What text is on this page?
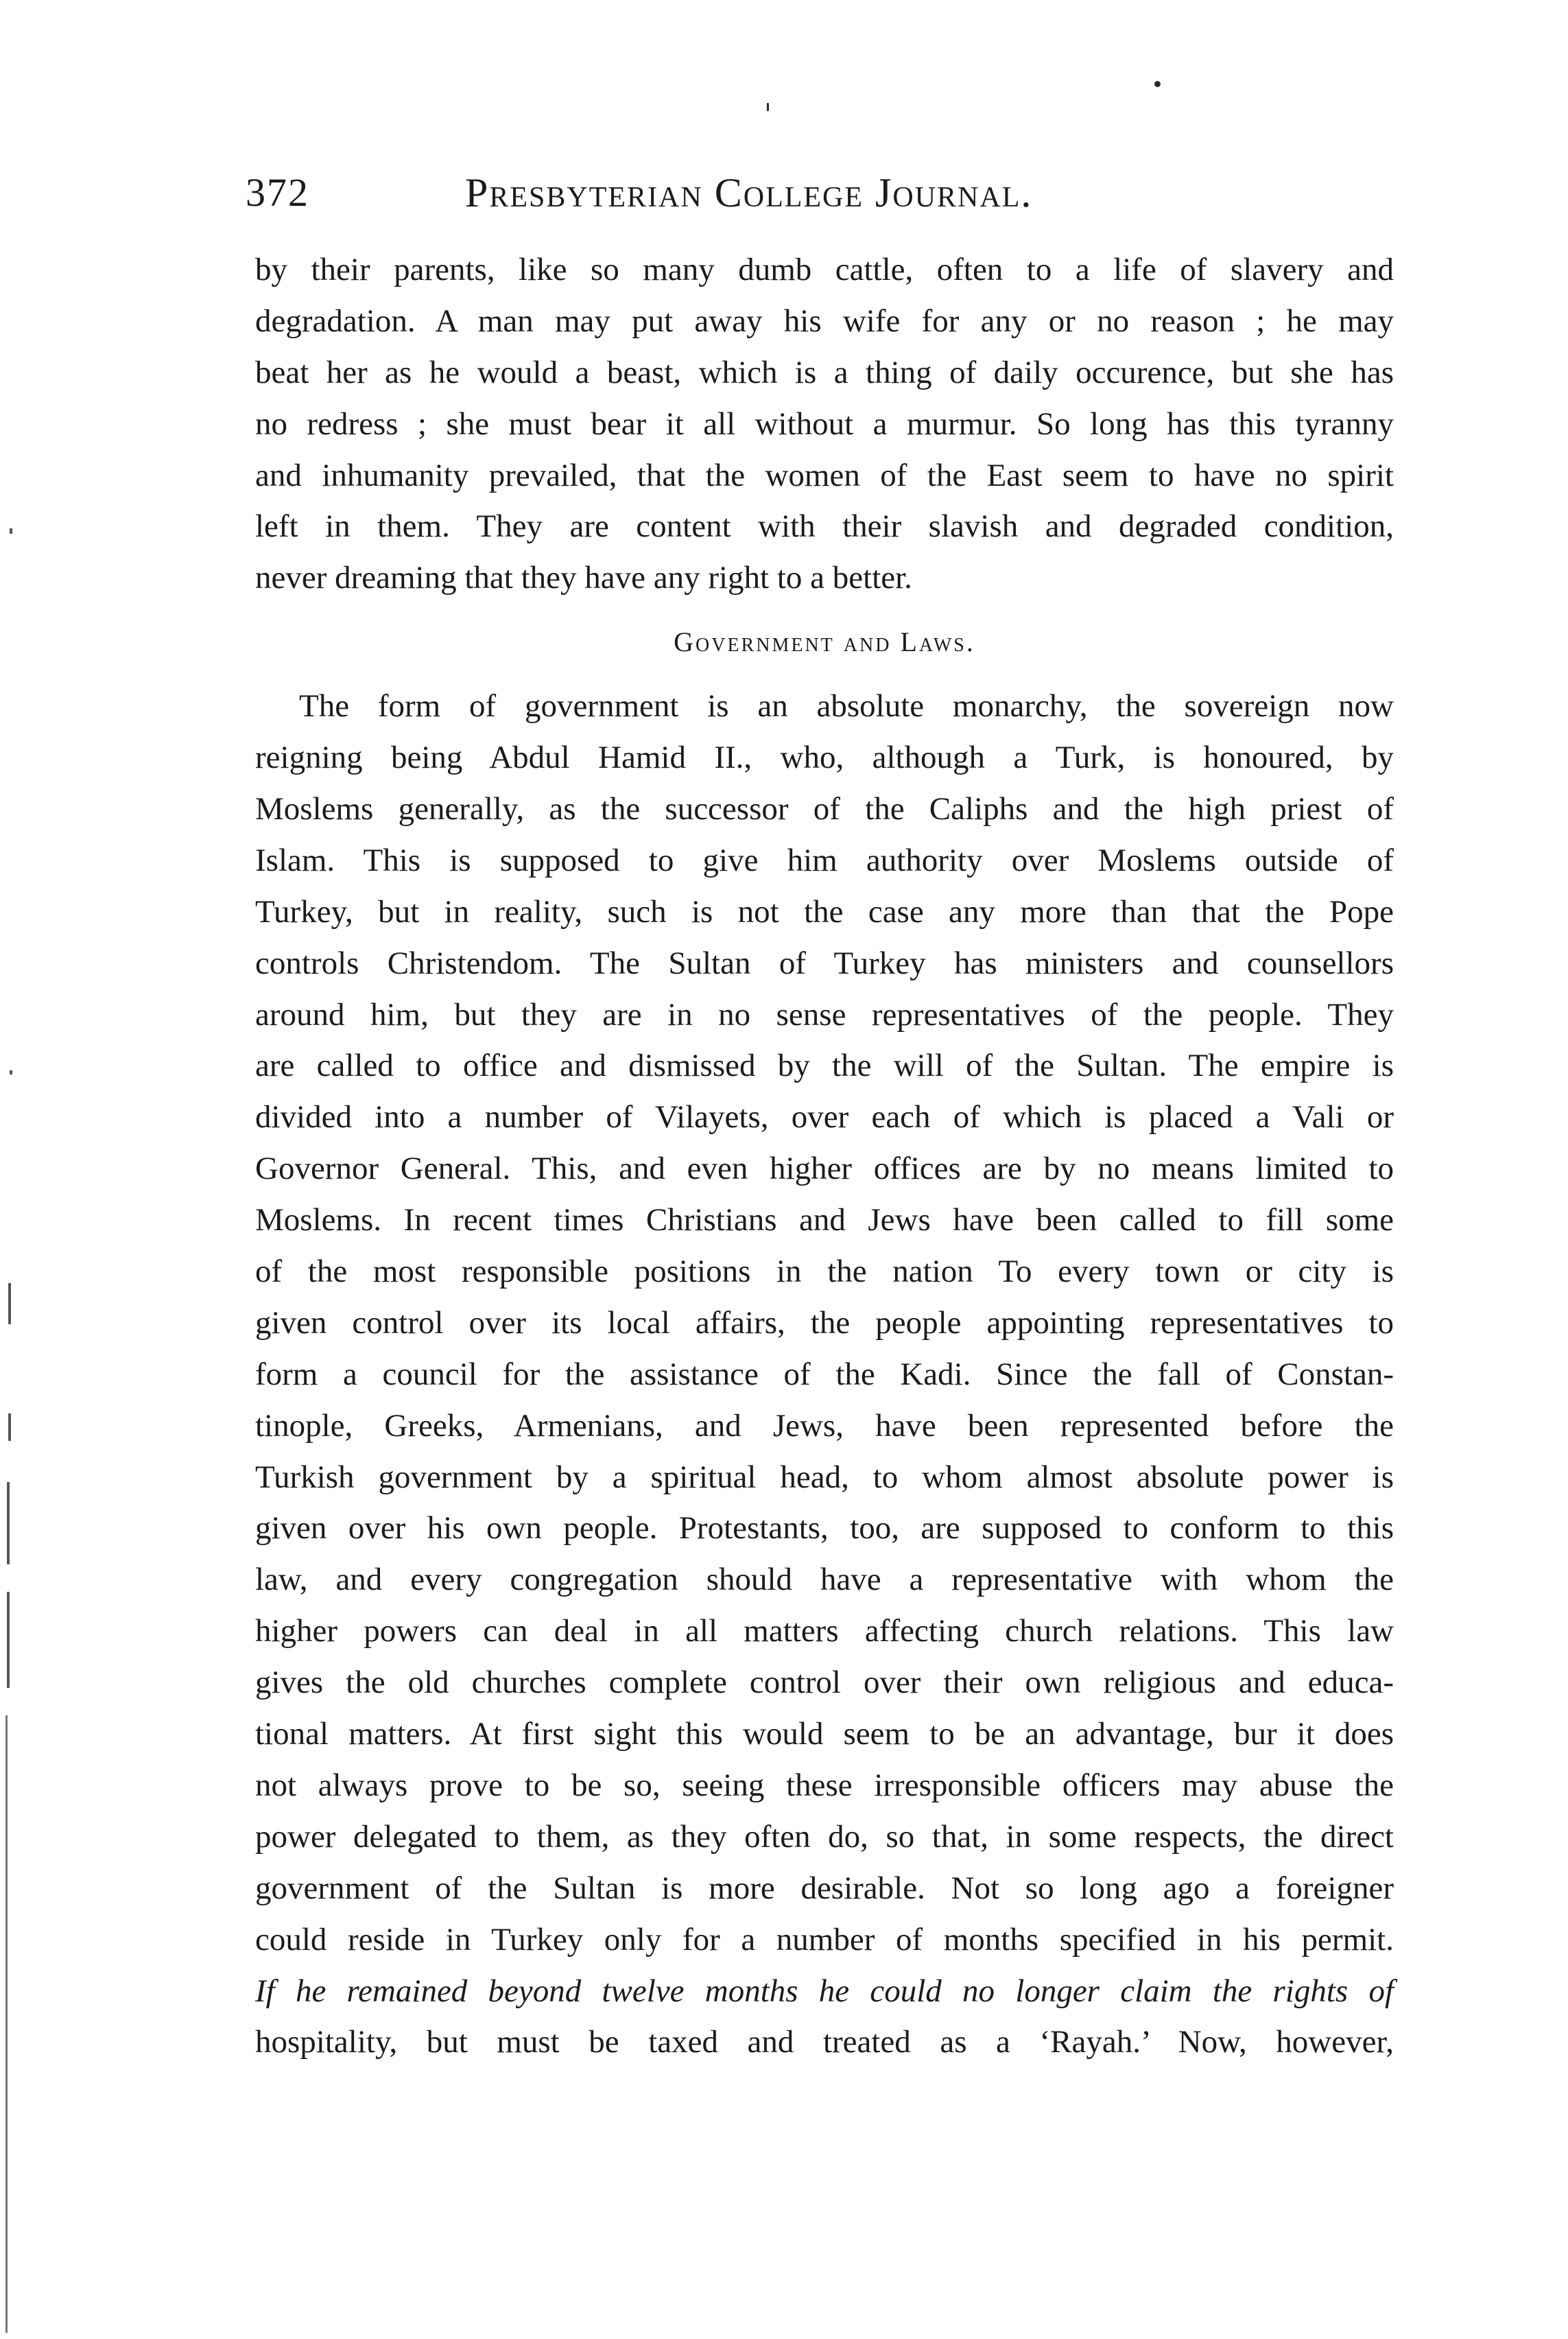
372	Presbyterian College Journal.
by their parents, like so many dumb cattle, often to a life of slavery and
degradation. A man may put away his wife for any or no reason ; he may
beat her as he would a beast, which is a thing of daily occurence, but she has
no redress ; she must bear it all without a murmur. So long has this tyranny
and inhumanity prevailed, that the women of the East seem to have no spirit
left in them. They are content with their slavish and degraded condition,
never dreaming that they have any right to a better.
Government and Laws.
The form of government is an absolute monarchy, the sovereign now
reigning being Abdul Hamid II., who, although a Turk, is honoured, by
Moslems generally, as the successor of the Caliphs and the high priest of
Islam. This is supposed to give him authority over Moslems outside of
Turkey, but in reality, such is not the case any more than that the Pope
controls Christendom. The Sultan of Turkey has ministers and counsellors
around him, but they are in no sense representatives of the people. They
are called to office and dismissed by the will of the Sultan. The empire is
divided into a number of Vilayets, over each of which is placed a Vali or
Governor General. This, and even higher offices are by no means limited to
Moslems. In recent times Christians and Jews have been called to fill some
of the most responsible positions in the nation To every town or city is
given control over its local affairs, the people appointing representatives to
form a council for the assistance of the Kadi. Since the fall of Constan-
tinople, Greeks, Armenians, and Jews, have been represented before the
Turkish government by a spiritual head, to whom almost absolute power is
given over his own people. Protestants, too, are supposed to conform to this
law, and every congregation should have a representative with whom the
higher powers can deal in all matters affecting church relations. This law
gives the old churches complete control over their own religious and educa-
tional matters. At first sight this would seem to be an advantage, bur it does
not always prove to be so, seeing these irresponsible officers may abuse the
power delegated to them, as they often do, so that, in some respects, the direct
government of the Sultan is more desirable. Not so long ago a foreigner
could reside in Turkey only for a number of months specified in his permit.
If he remained beyond twelve months he could no longer claim the rights of
hospitality, but must be taxed and treated as a ‘Rayah.’ Now, however,
